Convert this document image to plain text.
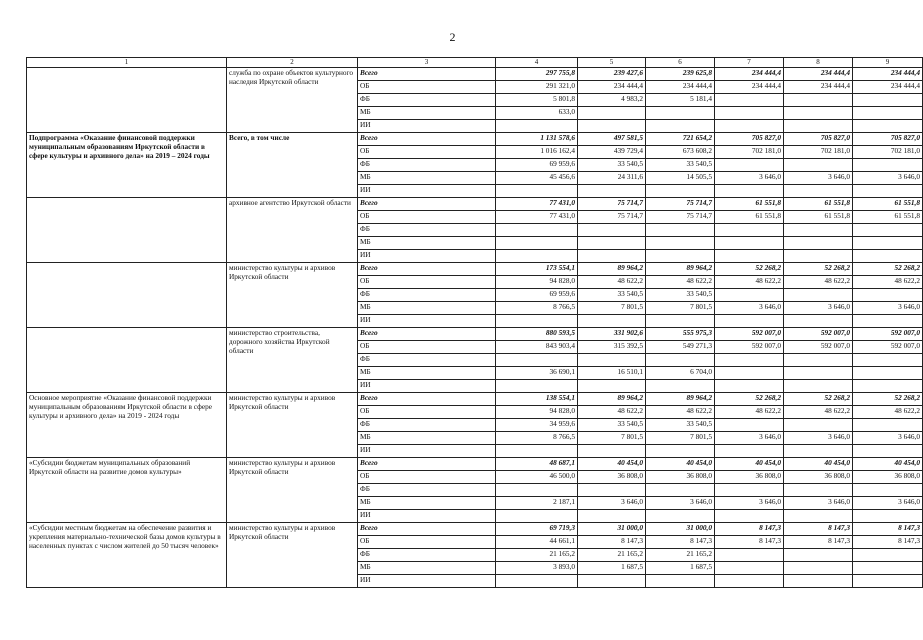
2
1	2	3	4	5	6	7	8	9
	служба по охране объектов культурного наследия Иркутской области	Всего	297 755,8	239 427,6	239 625,8	234 444,4	234 444,4	234 444,4
		ОБ	291 321,0	234 444,4	234 444,4	234 444,4	234 444,4	234 444,4
		ФБ	5 801,8	4 983,2	5 181,4			
		МБ	633,0					
		ИИ						
Подпрограмма «Оказание финансовой поддержки муниципальным образованиям Иркутской области в сфере культуры и архивного дела» на 2019 – 2024 годы	Всего, в том числе	Всего	1 131 578,6	497 581,5	721 654,2	705 827,0	705 827,0	705 827,0
		ОБ	1 016 162,4	439 729,4	673 608,2	702 181,0	702 181,0	702 181,0
		ФБ	69 959,6	33 540,5	33 540,5			
		МБ	45 456,6	24 311,6	14 505,5	3 646,0	3 646,0	3 646,0
		ИИ						
	архивное агентство Иркутской области	Всего	77 431,0	75 714,7	75 714,7	61 551,8	61 551,8	61 551,8
		ОБ	77 431,0	75 714,7	75 714,7	61 551,8	61 551,8	61 551,8
		ФБ						
		МБ						
		ИИ						
	министерство культуры и архивов Иркутской области	Всего	173 554,1	89 964,2	89 964,2	52 268,2	52 268,2	52 268,2
		ОБ	94 828,0	48 622,2	48 622,2	48 622,2	48 622,2	48 622,2
		ФБ	69 959,6	33 540,5	33 540,5			
		МБ	8 766,5	7 801,5	7 801,5	3 646,0	3 646,0	3 646,0
		ИИ						
	министерство строительства, дорожного хозяйства Иркутской области	Всего	880 593,5	331 902,6	555 975,3	592 007,0	592 007,0	592 007,0
		ОБ	843 903,4	315 392,5	549 271,3	592 007,0	592 007,0	592 007,0
		ФБ						
		МБ	36 690,1	16 510,1	6 704,0			
		ИИ						
Основное мероприятие «Оказание финансовой поддержки муниципальным образованиям Иркутской области в сфере культуры и архивного дела» на 2019 - 2024 годы	министерство культуры и архивов Иркутской области	Всего	138 554,1	89 964,2	89 964,2	52 268,2	52 268,2	52 268,2
		ОБ	94 828,0	48 622,2	48 622,2	48 622,2	48 622,2	48 622,2
		ФБ	34 959,6	33 540,5	33 540,5			
		МБ	8 766,5	7 801,5	7 801,5	3 646,0	3 646,0	3 646,0
		ИИ						
«Субсидии бюджетам муниципальных образований Иркутской области на развитие домов культуры»	министерство культуры и архивов Иркутской области	Всего	48 687,1	40 454,0	40 454,0	40 454,0	40 454,0	40 454,0
		ОБ	46 500,0	36 808,0	36 808,0	36 808,0	36 808,0	36 808,0
		ФБ						
		МБ	2 187,1	3 646,0	3 646,0	3 646,0	3 646,0	3 646,0
		ИИ						
«Субсидии местным бюджетам на обеспечение развития и укрепления материально-технической базы домов культуры в населенных пунктах с числом жителей до 50 тысяч человек»	министерство культуры и архивов Иркутской области	Всего	69 719,3	31 000,0	31 000,0	8 147,3	8 147,3	8 147,3
		ОБ	44 661,1	8 147,3	8 147,3	8 147,3	8 147,3	8 147,3
		ФБ	21 165,2	21 165,2	21 165,2			
		МБ	3 893,0	1 687,5	1 687,5			
		ИИ						
